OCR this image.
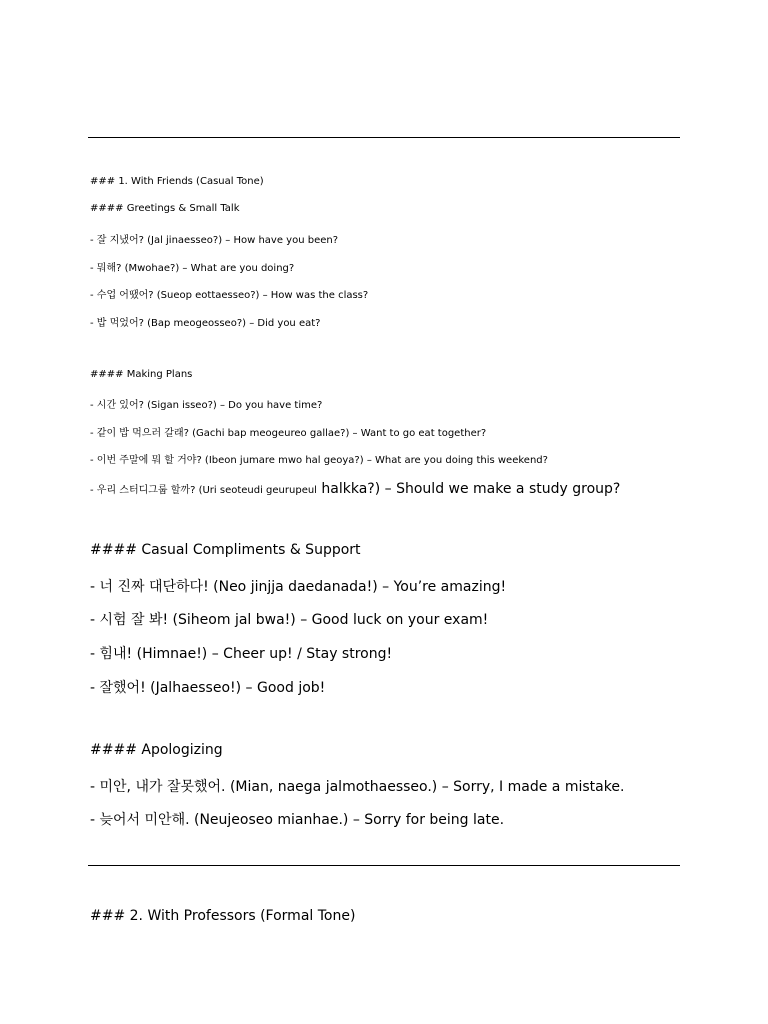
### 1. With Friends (Casual Tone)
#### Greetings & Small Talk
- 잘 지냈어? (Jal jinaesseo?) – How have you been?
- 뭐해? (Mwohae?) – What are you doing?
- 수업 어땠어? (Sueop eottaesseo?) – How was the class?
- 밥 먹었어? (Bap meogeosseo?) – Did you eat?
#### Making Plans
- 시간 있어? (Sigan isseo?) – Do you have time?
- 같이 밥 먹으러 갈래? (Gachi bap meogeureo gallae?) – Want to go eat together?
- 이번 주말에 뭐 할 거야? (Ibeon jumare mwo hal geoya?) – What are you doing this weekend?
- 우리 스터디그룹 할까? (Uri seoteudi geurupeul halkka?) – Should we make a study group?
#### Casual Compliments & Support
- 너 진짜 대단하다! (Neo jinjja daedanada!) – You’re amazing!
- 시험 잘 봐! (Siheom jal bwa!) – Good luck on your exam!
- 힘내! (Himnae!) – Cheer up! / Stay strong!
- 잘했어! (Jalhaesseo!) – Good job!
#### Apologizing
- 미안, 내가 잘못했어. (Mian, naega jalmothaesseo.) – Sorry, I made a mistake.
- 늦어서 미안해. (Neujeoseo mianhae.) – Sorry for being late.
### 2. With Professors (Formal Tone)
